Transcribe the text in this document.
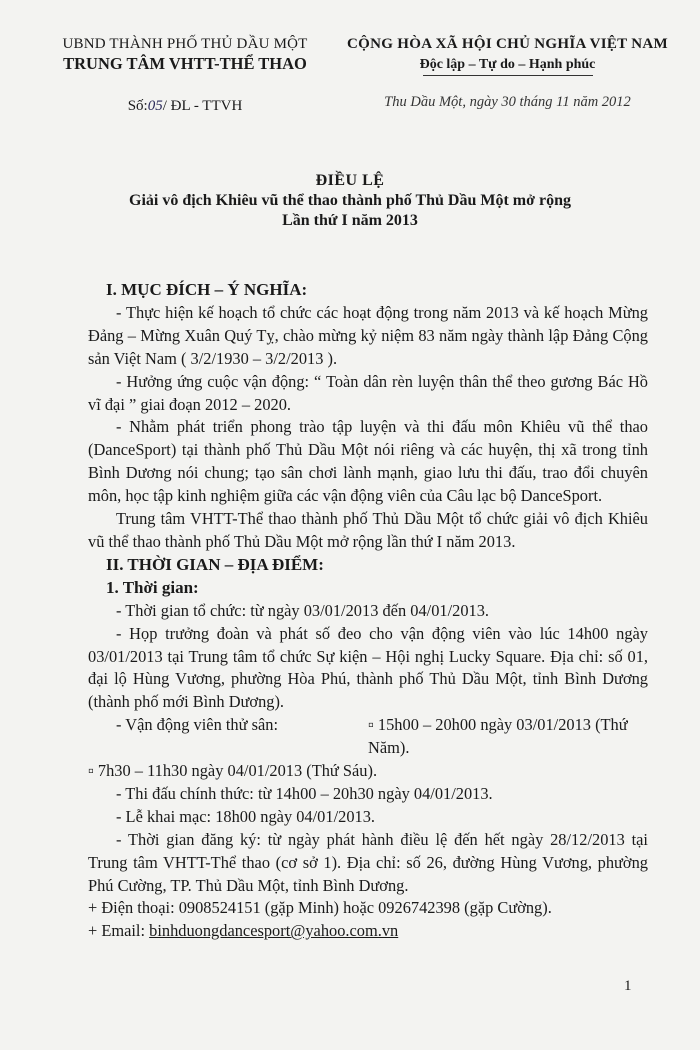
UBND THÀNH PHỐ THỦ DẦU MỘT
TRUNG TÂM VHTT-THỂ THAO
Số:05/ ĐL - TTVH
CỘNG HÒA XÃ HỘI CHỦ NGHĨA VIỆT NAM
Độc lập – Tự do – Hạnh phúc
Thu Dầu Một, ngày 30 tháng 11 năm 2012
ĐIỀU LỆ
Giải vô địch Khiêu vũ thể thao thành phố Thủ Dầu Một mở rộng
Lần thứ I năm 2013

I. MỤC ĐÍCH – Ý NGHĨA:

- Thực hiện kế hoạch tổ chức các hoạt động trong năm 2013 và kế hoạch Mừng Đảng – Mừng Xuân Quý Tỵ, chào mừng kỷ niệm 83 năm ngày thành lập Đảng Cộng sản Việt Nam ( 3/2/1930 – 3/2/2013 ).

- Hưởng ứng cuộc vận động: “ Toàn dân rèn luyện thân thể theo gương Bác Hồ vĩ đại ” giai đoạn 2012 – 2020.

- Nhằm phát triển phong trào tập luyện và thi đấu môn Khiêu vũ thể thao (DanceSport) tại thành phố Thủ Dầu Một nói riêng và các huyện, thị xã trong tỉnh Bình Dương nói chung; tạo sân chơi lành mạnh, giao lưu thi đấu, trao đổi chuyên môn, học tập kinh nghiệm giữa các vận động viên của Câu lạc bộ DanceSport.

Trung tâm VHTT-Thể thao thành phố Thủ Dầu Một tổ chức giải vô địch Khiêu vũ thể thao thành phố Thủ Dầu Một mở rộng lần thứ I năm 2013.

II. THỜI GIAN – ĐỊA ĐIỂM:

1. Thời gian:

- Thời gian tổ chức: từ ngày 03/01/2013 đến 04/01/2013.

- Họp trưởng đoàn và phát số đeo cho vận động viên vào lúc 14h00 ngày 03/01/2013 tại Trung tâm tổ chức Sự kiện – Hội nghị Lucky Square. Địa chỉ: số 01, đại lộ Hùng Vương, phường Hòa Phú, thành phố Thủ Dầu Một, tỉnh Bình Dương (thành phố mới Bình Dương).

- Vận động viên thử sân:	▫ 15h00 – 20h00 ngày 03/01/2013 (Thứ Năm).

▫ 7h30 – 11h30 ngày 04/01/2013 (Thứ Sáu).

- Thi đấu chính thức: từ 14h00 – 20h30 ngày 04/01/2013.

- Lễ khai mạc: 18h00 ngày 04/01/2013.

- Thời gian đăng ký: từ ngày phát hành điều lệ đến hết ngày 28/12/2013 tại Trung tâm VHTT-Thể thao (cơ sở 1). Địa chỉ: số 26, đường Hùng Vương, phường Phú Cường, TP. Thủ Dầu Một, tỉnh Bình Dương.

+ Điện thoại: 0908524151 (gặp Minh) hoặc 0926742398 (gặp Cường).

+ Email: binhduongdancesport@yahoo.com.vn

1
